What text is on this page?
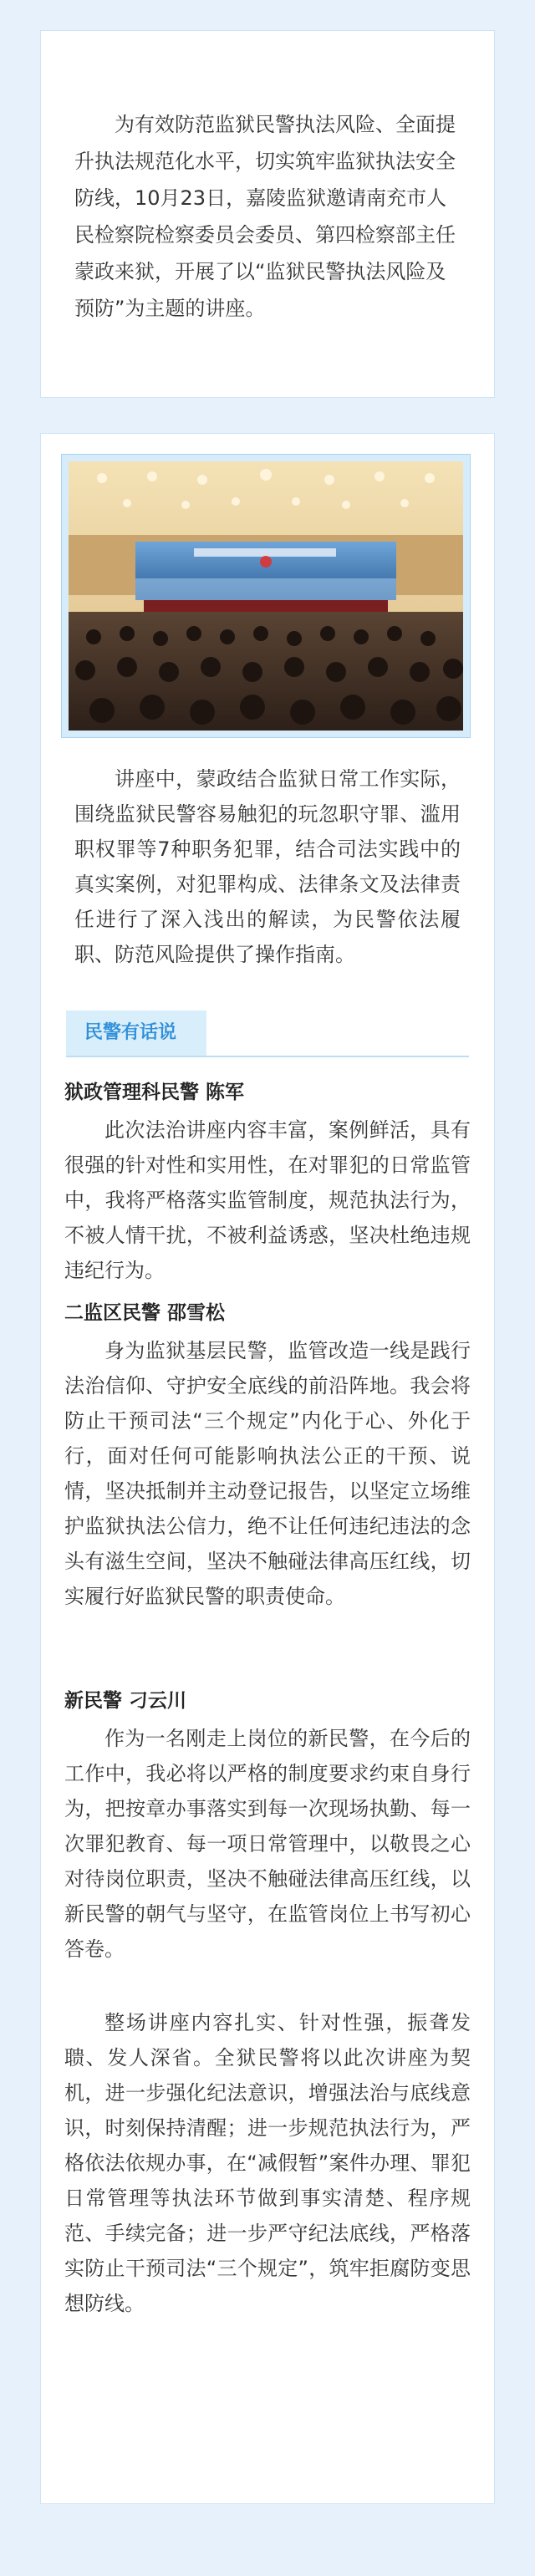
为有效防范监狱民警执法风险、全面提升执法规范化水平，切实筑牢监狱执法安全防线，10月23日，嘉陵监狱邀请南充市人民检察院检察委员会委员、第四检察部主任蒙政来狱，开展了以“监狱民警执法风险及预防”为主题的讲座。

讲座中，蒙政结合监狱日常工作实际，围绕监狱民警容易触犯的玩忽职守罪、滥用职权罪等7种职务犯罪，结合司法实践中的真实案例，对犯罪构成、法律条文及法律责任进行了深入浅出的解读，为民警依法履职、防范风险提供了操作指南。

民警有话说
狱政管理科民警 陈军

此次法治讲座内容丰富，案例鲜活，具有很强的针对性和实用性，在对罪犯的日常监管中，我将严格落实监管制度，规范执法行为，不被人情干扰，不被利益诱惑，坚决杜绝违规违纪行为。

二监区民警 邵雪松

身为监狱基层民警，监管改造一线是践行法治信仰、守护安全底线的前沿阵地。我会将防止干预司法“三个规定”内化于心、外化于行，面对任何可能影响执法公正的干预、说情，坚决抵制并主动登记报告，以坚定立场维护监狱执法公信力，绝不让任何违纪违法的念头有滋生空间，坚决不触碰法律高压红线，切实履行好监狱民警的职责使命。

新民警 刁云川

作为一名刚走上岗位的新民警，在今后的工作中，我必将以严格的制度要求约束自身行为，把按章办事落实到每一次现场执勤、每一次罪犯教育、每一项日常管理中，以敬畏之心对待岗位职责，坚决不触碰法律高压红线，以新民警的朝气与坚守，在监管岗位上书写初心答卷。

整场讲座内容扎实、针对性强，振聋发聩、发人深省。全狱民警将以此次讲座为契机，进一步强化纪法意识，增强法治与底线意识，时刻保持清醒；进一步规范执法行为，严格依法依规办事，在“减假暂”案件办理、罪犯日常管理等执法环节做到事实清楚、程序规范、手续完备；进一步严守纪法底线，严格落实防止干预司法“三个规定”，筑牢拒腐防变思想防线。
